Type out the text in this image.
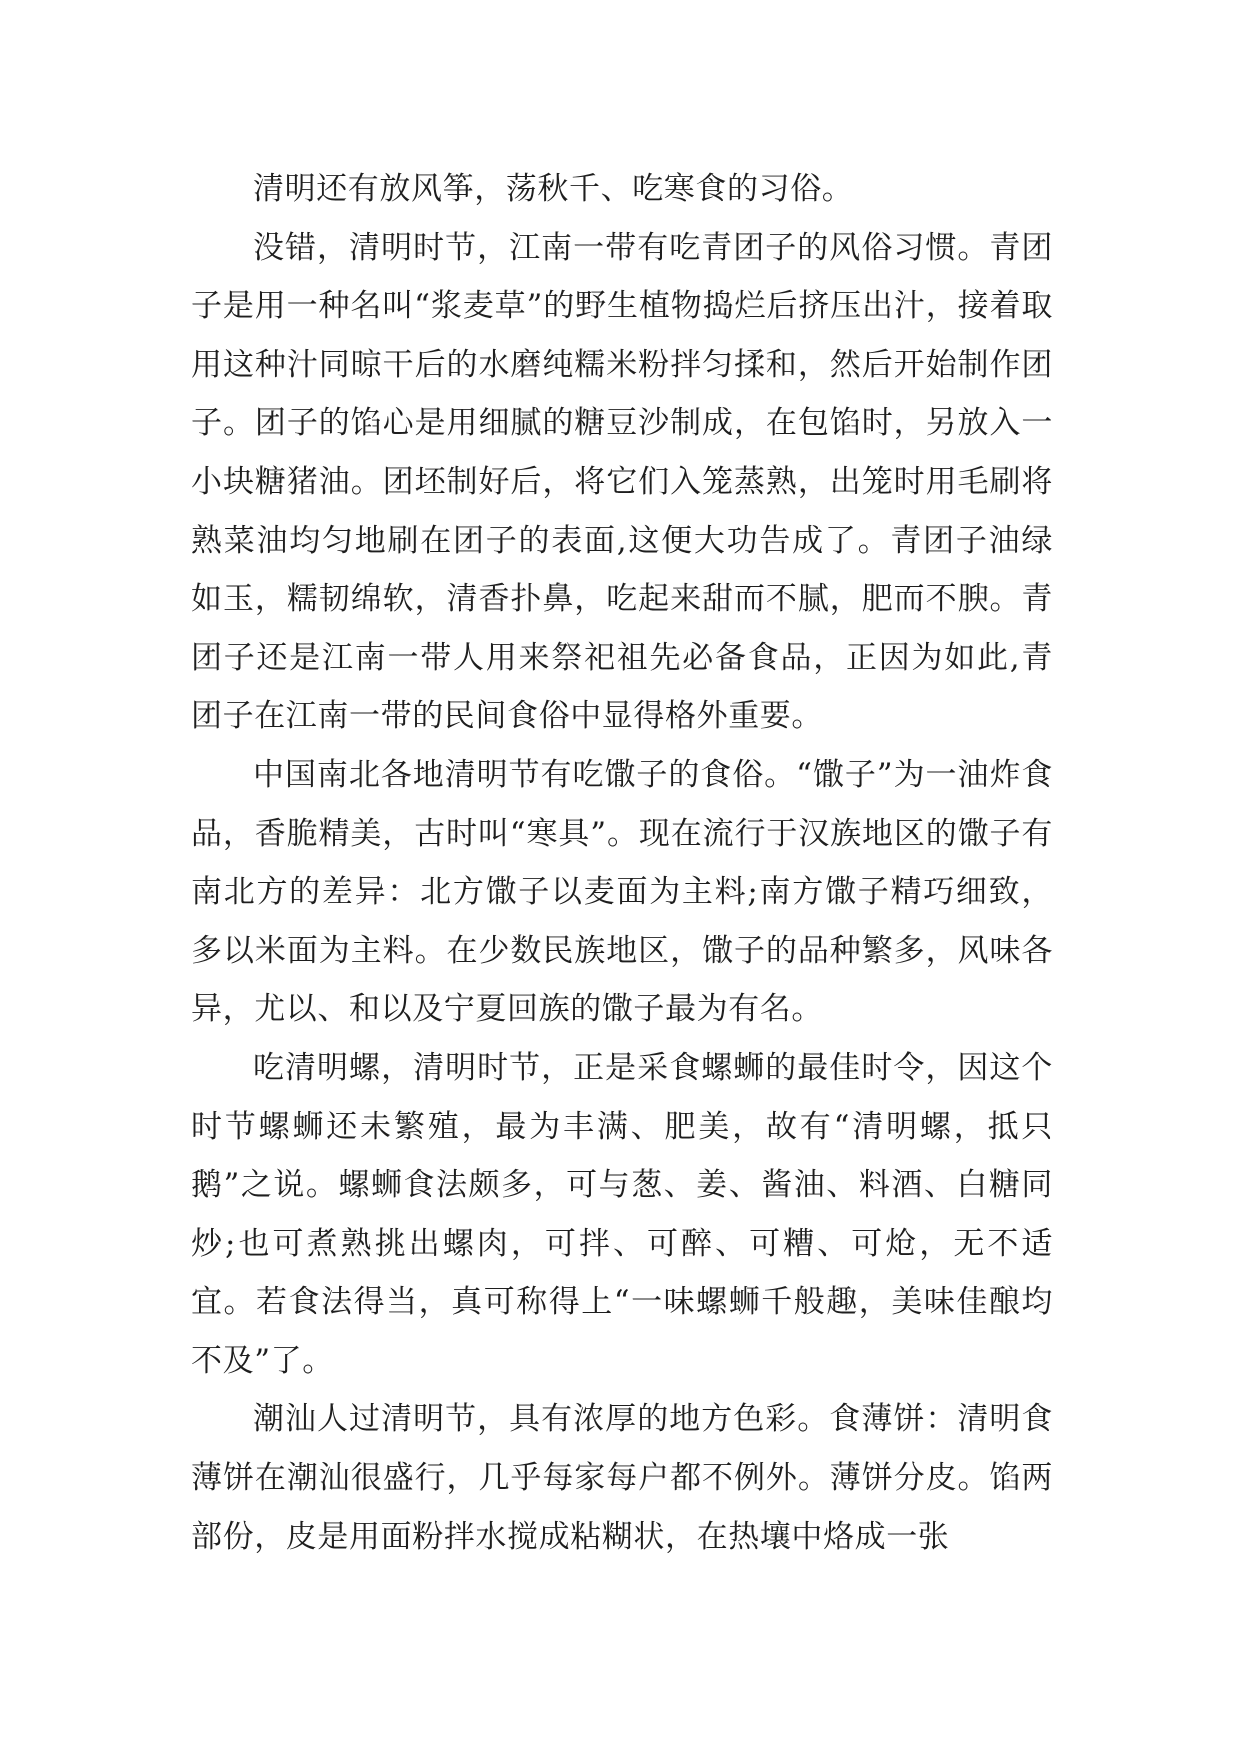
清明还有放风筝，荡秋千、吃寒食的习俗。

没错，清明时节，江南一带有吃青团子的风俗习惯。青团子是用一种名叫“浆麦草”的野生植物捣烂后挤压出汁，接着取用这种汁同晾干后的水磨纯糯米粉拌匀揉和，然后开始制作团子。团子的馅心是用细腻的糖豆沙制成，在包馅时，另放入一小块糖猪油。团坯制好后，将它们入笼蒸熟，出笼时用毛刷将熟菜油均匀地刷在团子的表面,这便大功告成了。青团子油绿如玉，糯韧绵软，清香扑鼻，吃起来甜而不腻，肥而不腴。青团子还是江南一带人用来祭祀祖先必备食品，正因为如此,青团子在江南一带的民间食俗中显得格外重要。

中国南北各地清明节有吃馓子的食俗。“馓子”为一油炸食品，香脆精美，古时叫“寒具”。现在流行于汉族地区的馓子有南北方的差异：北方馓子以麦面为主料;南方馓子精巧细致，多以米面为主料。在少数民族地区，馓子的品种繁多，风味各异，尤以、和以及宁夏回族的馓子最为有名。

吃清明螺，清明时节，正是采食螺蛳的最佳时令，因这个时节螺蛳还未繁殖，最为丰满、肥美，故有“清明螺，抵只鹅”之说。螺蛳食法颇多，可与葱、姜、酱油、料酒、白糖同炒;也可煮熟挑出螺肉，可拌、可醉、可糟、可炝，无不适宜。若食法得当，真可称得上“一味螺蛳千般趣，美味佳酿均不及”了。

潮汕人过清明节，具有浓厚的地方色彩。食薄饼：清明食薄饼在潮汕很盛行，几乎每家每户都不例外。薄饼分皮。馅两部份，皮是用面粉拌水搅成粘糊状，在热壤中烙成一张
